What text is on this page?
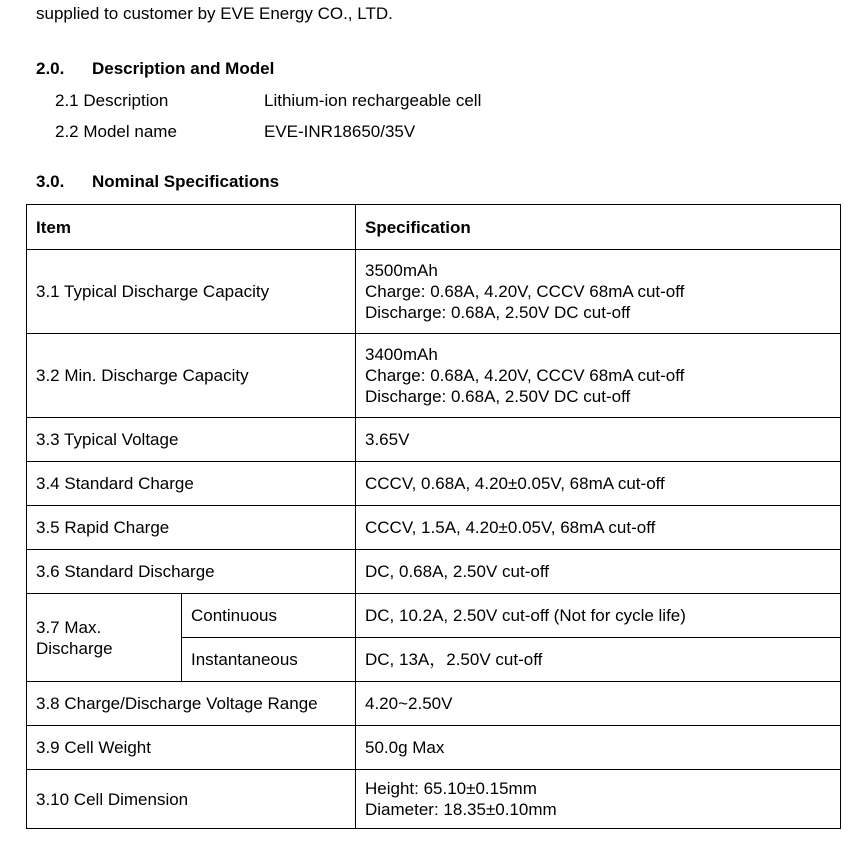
supplied to customer by EVE Energy CO., LTD.
2.0. Description and Model
2.1 Description	Lithium-ion rechargeable cell
2.2 Model name	EVE-INR18650/35V
3.0. Nominal Specifications
Item		Specification
3.1 Typical Discharge Capacity		3500mAh
Charge: 0.68A, 4.20V, CCCV 68mA cut-off
Discharge: 0.68A, 2.50V DC cut-off

3.2 Min. Discharge Capacity		3400mAh
Charge: 0.68A, 4.20V, CCCV 68mA cut-off
Discharge: 0.68A, 2.50V DC cut-off

3.3 Typical Voltage		3.65V
3.4 Standard Charge		CCCV, 0.68A, 4.20±0.05V, 68mA cut-off
3.5 Rapid Charge		CCCV, 1.5A, 4.20±0.05V, 68mA cut-off
3.6 Standard Discharge		DC, 0.68A, 2.50V cut-off
3.7 Max. Discharge	Continuous	DC, 10.2A, 2.50V cut-off (Not for cycle life)
	Instantaneous	DC, 13A，2.50V cut-off
3.8 Charge/Discharge Voltage Range		4.20~2.50V
3.9 Cell Weight		50.0g Max
3.10 Cell Dimension		Height: 65.10±0.15mm
Diameter: 18.35±0.10mm
